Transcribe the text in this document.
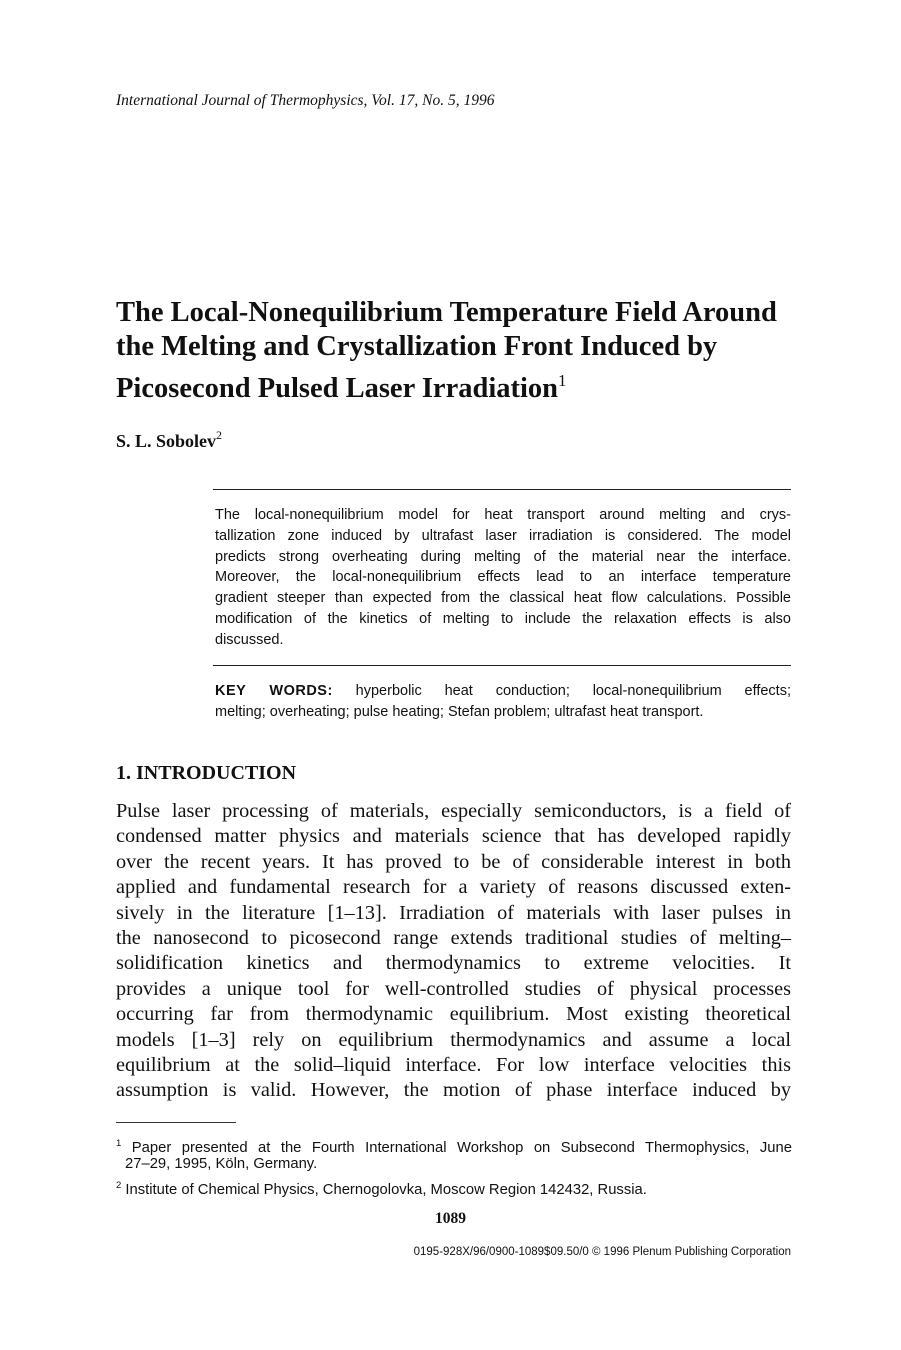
International Journal of Thermophysics, Vol. 17, No. 5, 1996
The Local-Nonequilibrium Temperature Field Around
the Melting and Crystallization Front Induced by
Picosecond Pulsed Laser Irradiation$^1$
S. L. Sobolev$^2$
The local-nonequilibrium model for heat transport around melting and crys-
tallization zone induced by ultrafast laser irradiation is considered. The model
predicts strong overheating during melting of the material near the interface.
Moreover, the local-nonequilibrium effects lead to an interface temperature
gradient steeper than expected from the classical heat flow calculations. Possible
modification of the kinetics of melting to include the relaxation effects is also
discussed.
KEY WORDS: hyperbolic heat conduction; local-nonequilibrium effects;
melting; overheating; pulse heating; Stefan problem; ultrafast heat transport.
1. INTRODUCTION
Pulse laser processing of materials, especially semiconductors, is a field of
condensed matter physics and materials science that has developed rapidly
over the recent years. It has proved to be of considerable interest in both
applied and fundamental research for a variety of reasons discussed exten-
sively in the literature [1–13]. Irradiation of materials with laser pulses in
the nanosecond to picosecond range extends traditional studies of melting–
solidification kinetics and thermodynamics to extreme velocities. It
provides a unique tool for well-controlled studies of physical processes
occurring far from thermodynamic equilibrium. Most existing theoretical
models [1–3] rely on equilibrium thermodynamics and assume a local
equilibrium at the solid–liquid interface. For low interface velocities this
assumption is valid. However, the motion of phase interface induced by
$^1$ Paper presented at the Fourth International Workshop on Subsecond Thermophysics, June
27–29, 1995, Köln, Germany.
$^2$ Institute of Chemical Physics, Chernogolovka, Moscow Region 142432, Russia.
1089
0195-928X/96/0900-1089$09.50/0 © 1996 Plenum Publishing Corporation
